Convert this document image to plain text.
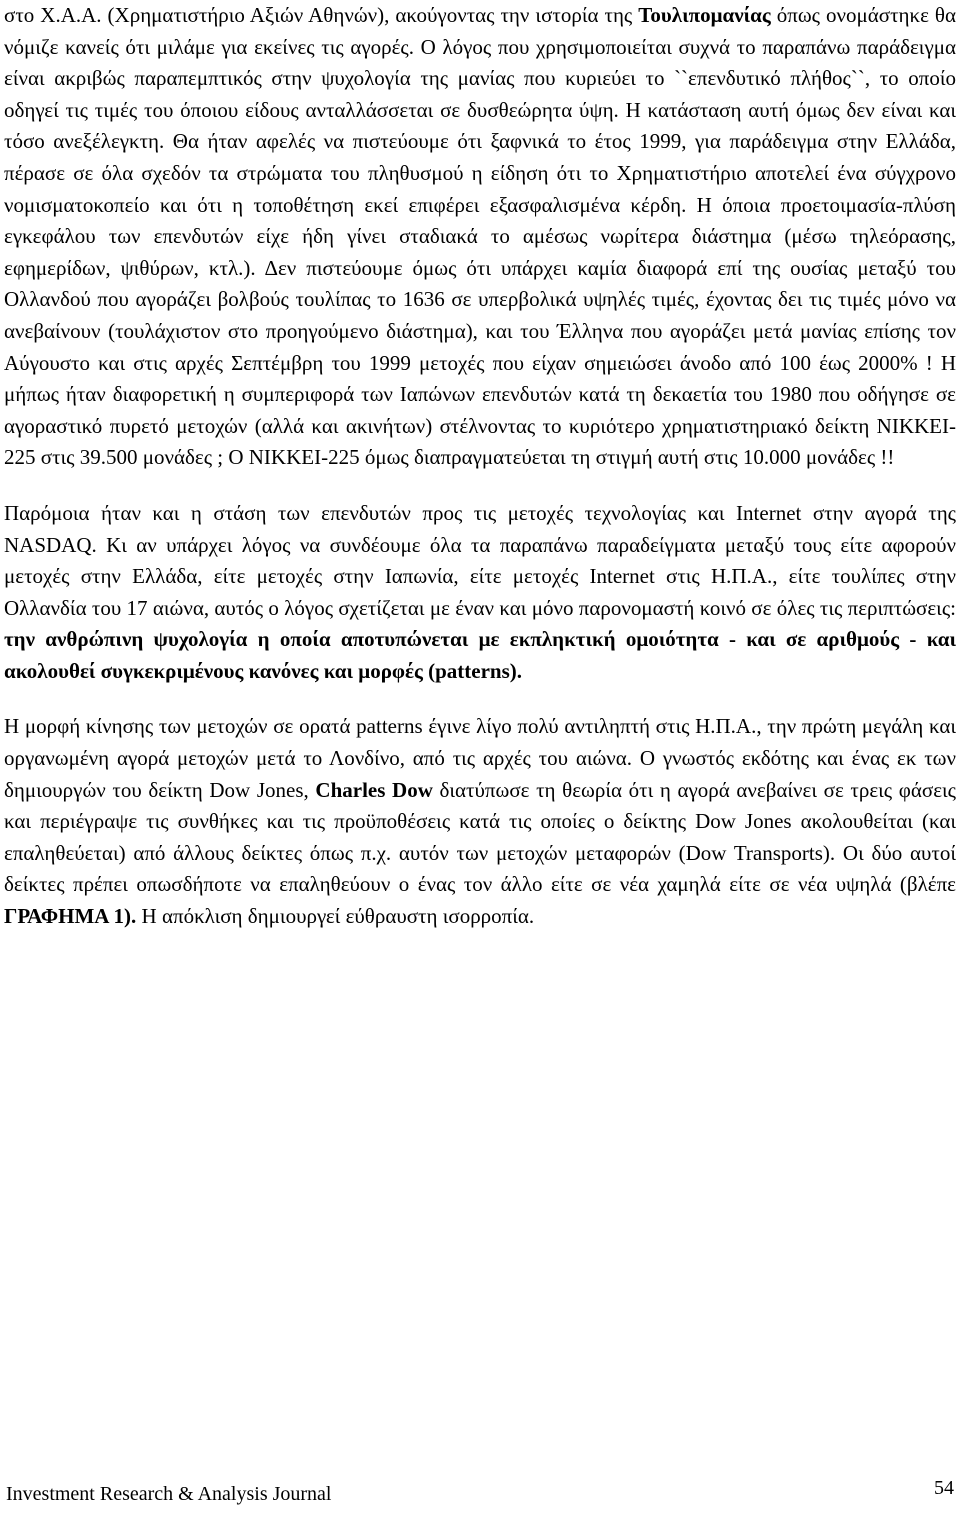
στο Χ.Α.Α. (Χρηματιστήριο Αξιών Αθηνών), ακούγοντας την ιστορία της Τουλιπομανίας όπως ονομάστηκε θα νόμιζε κανείς ότι μιλάμε για εκείνες τις αγορές. Ο λόγος που χρησιμοποιείται συχνά το παραπάνω παράδειγμα είναι ακριβώς παραπεμπτικός στην ψυχολογία της μανίας που κυριεύει το ``επενδυτικό πλήθος``, το οποίο οδηγεί τις τιμές του όποιου είδους ανταλλάσσεται σε δυσθεώρητα ύψη. Η κατάσταση αυτή όμως δεν είναι και τόσο ανεξέλεγκτη. Θα ήταν αφελές να πιστεύουμε ότι ξαφνικά το έτος 1999, για παράδειγμα στην Ελλάδα, πέρασε σε όλα σχεδόν τα στρώματα του πληθυσμού η είδηση ότι το Χρηματιστήριο αποτελεί ένα σύγχρονο νομισματοκοπείο και ότι η τοποθέτηση εκεί επιφέρει εξασφαλισμένα κέρδη. Η όποια προετοιμασία-πλύση εγκεφάλου των επενδυτών είχε ήδη γίνει σταδιακά το αμέσως νωρίτερα διάστημα (μέσω τηλεόρασης, εφημερίδων, ψιθύρων, κτλ.). Δεν πιστεύουμε όμως ότι υπάρχει καμία διαφορά επί της ουσίας μεταξύ του Ολλανδού που αγοράζει βολβούς τουλίπας το 1636 σε υπερβολικά υψηλές τιμές, έχοντας δει τις τιμές μόνο να ανεβαίνουν (τουλάχιστον στο προηγούμενο διάστημα), και του Έλληνα που αγοράζει μετά μανίας επίσης τον Αύγουστο και στις αρχές Σεπτέμβρη του 1999 μετοχές που είχαν σημειώσει άνοδο από 100 έως 2000% ! Η μήπως ήταν διαφορετική η συμπεριφορά των Ιαπώνων επενδυτών κατά τη δεκαετία του 1980 που οδήγησε σε αγοραστικό πυρετό μετοχών (αλλά και ακινήτων) στέλνοντας το κυριότερο χρηματιστηριακό δείκτη NIKKEI-225 στις 39.500 μονάδες ; O NIKKEI-225 όμως διαπραγματεύεται τη στιγμή αυτή στις 10.000 μονάδες !!

Παρόμοια ήταν και η στάση των επενδυτών προς τις μετοχές τεχνολογίας και Internet στην αγορά της NASDAQ. Κι αν υπάρχει λόγος να συνδέουμε όλα τα παραπάνω παραδείγματα μεταξύ τους είτε αφορούν μετοχές στην Ελλάδα, είτε μετοχές στην Ιαπωνία, είτε μετοχές Internet στις Η.Π.Α., είτε τουλίπες στην Ολλανδία του 17 αιώνα, αυτός ο λόγος σχετίζεται με έναν και μόνο παρονομαστή κοινό σε όλες τις περιπτώσεις: την ανθρώπινη ψυχολογία η οποία αποτυπώνεται με εκπληκτική ομοιότητα - και σε αριθμούς - και ακολουθεί συγκεκριμένους κανόνες και μορφές (patterns).

Η μορφή κίνησης των μετοχών σε ορατά patterns έγινε λίγο πολύ αντιληπτή στις Η.Π.Α., την πρώτη μεγάλη και οργανωμένη αγορά μετοχών μετά το Λονδίνο, από τις αρχές του αιώνα. Ο γνωστός εκδότης και ένας εκ των δημιουργών του δείκτη Dow Jones, Charles Dow διατύπωσε τη θεωρία ότι η αγορά ανεβαίνει σε τρεις φάσεις και περιέγραψε τις συνθήκες και τις προϋποθέσεις κατά τις οποίες ο δείκτης Dow Jones ακολουθείται (και επαληθεύεται) από άλλους δείκτες όπως π.χ. αυτόν των μετοχών μεταφορών (Dow Transports). Οι δύο αυτοί δείκτες πρέπει οπωσδήποτε να επαληθεύουν ο ένας τον άλλο είτε σε νέα χαμηλά είτε σε νέα υψηλά (βλέπε ΓΡΑΦΗΜΑ 1). Η απόκλιση δημιουργεί εύθραυστη ισορροπία.

Investment Research & Analysis Journal	54
